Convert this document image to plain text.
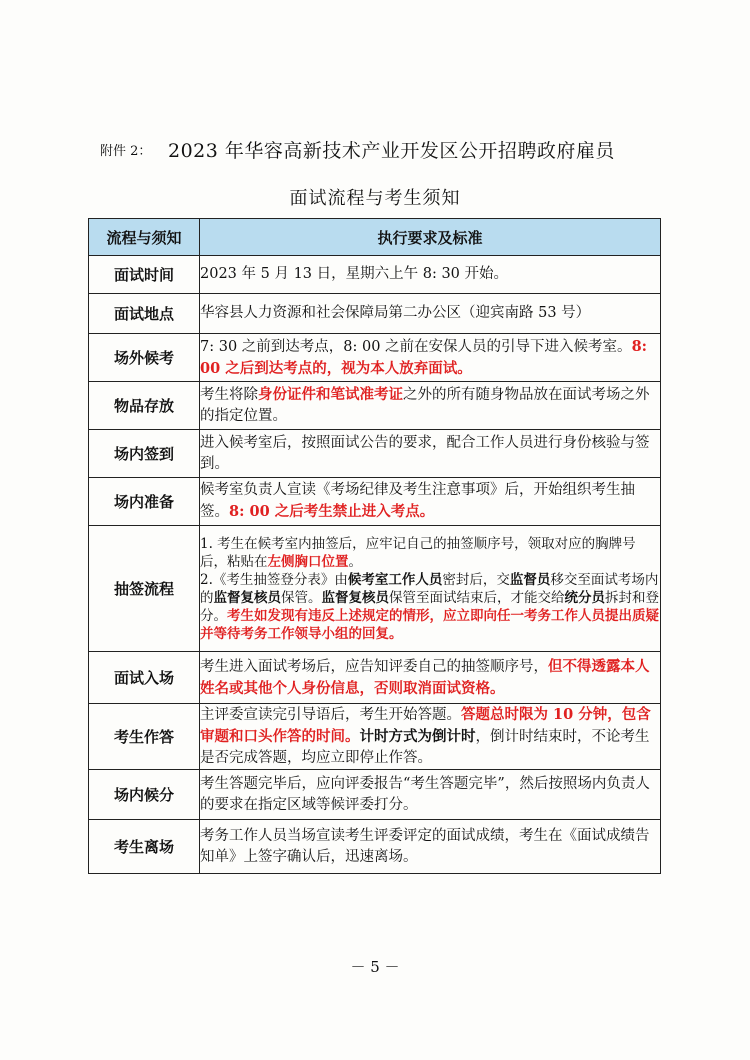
附件 2： 2023 年华容高新技术产业开发区公开招聘政府雇员
面试流程与考生须知
流程与须知	执行要求及标准
面试时间	2023 年 5 月 13 日，星期六上午 8: 30 开始。
面试地点	华容县人力资源和社会保障局第二办公区（迎宾南路 53 号）
场外候考	7: 30 之前到达考点，8: 00 之前在安保人员的引导下进入候考室。8: 00 之后到达考点的，视为本人放弃面试。
物品存放	考生将除身份证件和笔试准考证之外的所有随身物品放在面试考场之外的指定位置。
场内签到	进入候考室后，按照面试公告的要求，配合工作人员进行身份核验与签到。
场内准备	候考室负责人宣读《考场纪律及考生注意事项》后，开始组织考生抽签。8: 00 之后考生禁止进入考点。
抽签流程	1. 考生在候考室内抽签后，应牢记自己的抽签顺序号，领取对应的胸牌号后，粘贴在左侧胸口位置。
2.《考生抽签登分表》由候考室工作人员密封后，交监督员移交至面试考场内的监督复核员保管。监督复核员保管至面试结束后，才能交给统分员拆封和登分。考生如发现有违反上述规定的情形，应立即向任一考务工作人员提出质疑并等待考务工作领导小组的回复。

面试入场	考生进入面试考场后，应告知评委自己的抽签顺序号，但不得透露本人姓名或其他个人身份信息，否则取消面试资格。
考生作答	主评委宣读完引导语后，考生开始答题。答题总时限为 10 分钟，包含审题和口头作答的时间。计时方式为倒计时，倒计时结束时，不论考生是否完成答题，均应立即停止作答。
场内候分	考生答题完毕后，应向评委报告“考生答题完毕”，然后按照场内负责人的要求在指定区域等候评委打分。
考生离场	考务工作人员当场宣读考生评委评定的面试成绩，考生在《面试成绩告知单》上签字确认后，迅速离场。
－ 5 －
